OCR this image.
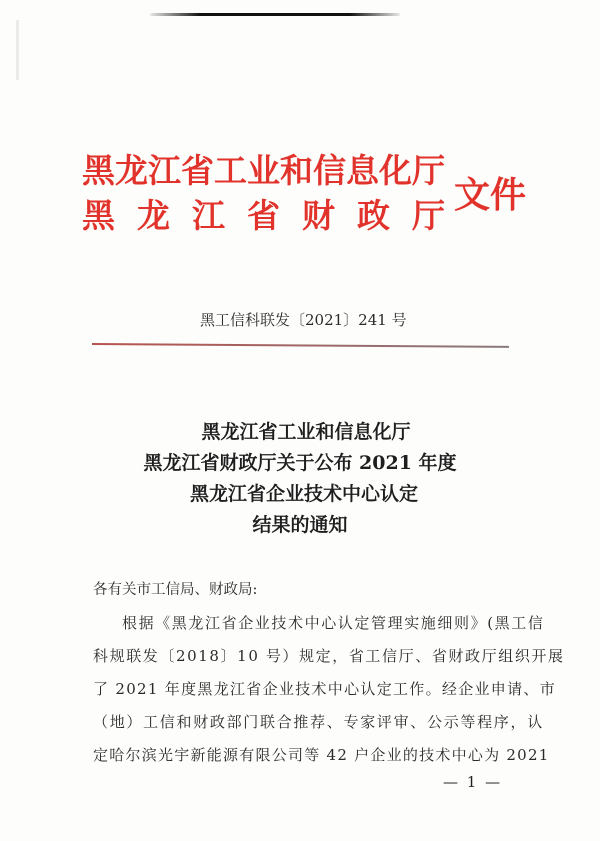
黑龙江省工业和信息化厅
黑龙江省财政厅
文件
黑工信科联发〔2021〕241 号
黑龙江省工业和信息化厅
黑龙江省财政厅关于公布 2021 年度
黑龙江省企业技术中心认定
结果的通知
各有关市工信局、财政局:
根据《黑龙江省企业技术中心认定管理实施细则》(黑工信
科规联发〔2018〕10 号）规定，省工信厅、省财政厅组织开展
了 2021 年度黑龙江省企业技术中心认定工作。经企业申请、市
（地）工信和财政部门联合推荐、专家评审、公示等程序，认
定哈尔滨光宇新能源有限公司等 42 户企业的技术中心为 2021
— 1 —
